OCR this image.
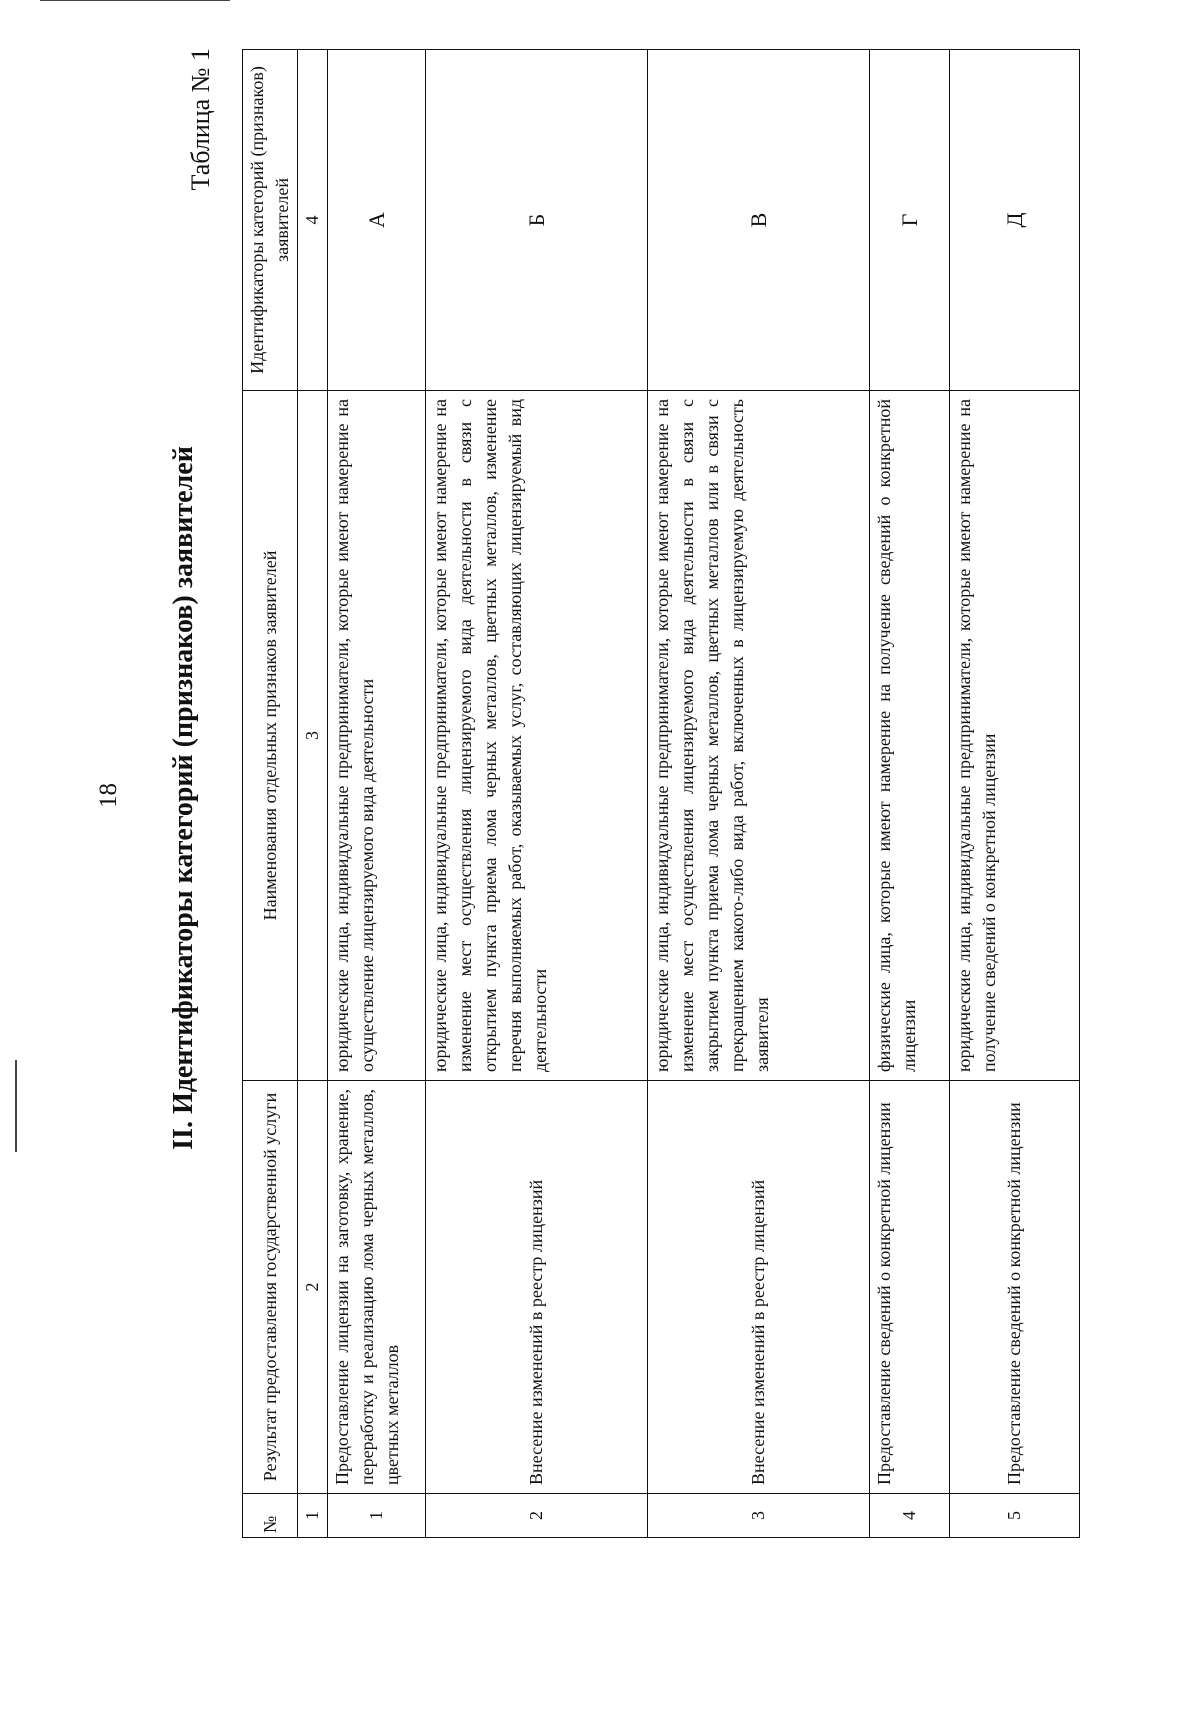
18 II. Идентификаторы категорий (признаков) заявителей
Таблица № 1
№	Результат предоставления государственной услуги	Наименования отдельных признаков заявителей	Идентификаторы категорий (признаков) заявителей
1	2	3	4
1	Предоставление лицензии на заготовку, хранение, переработку и реализацию лома черных металлов, цветных металлов	юридические лица, индивидуальные предприниматели, которые имеют намерение на осуществление лицензируемого вида деятельности	А
2	Внесение изменений в реестр лицензий	юридические лица, индивидуальные предприниматели, которые имеют намерение на изменение мест осуществления лицензируемого вида деятельности в связи с открытием пункта приема лома черных металлов, цветных металлов, изменение перечня выполняемых работ, оказываемых услуг, составляющих лицензируемый вид деятельности	Б
3	Внесение изменений в реестр лицензий	юридические лица, индивидуальные предприниматели, которые имеют намерение на изменение мест осуществления лицензируемого вида деятельности в связи с закрытием пункта приема лома черных металлов, цветных металлов или в связи с прекращением какого-либо вида работ, включенных в лицензируемую деятельность заявителя	В
4	Предоставление сведений о конкретной лицензии	физические лица, которые имеют намерение на получение сведений о конкретной лицензии	Г
5	Предоставление сведений о конкретной лицензии	юридические лица, индивидуальные предприниматели, которые имеют намерение на получение сведений о конкретной лицензии	Д
